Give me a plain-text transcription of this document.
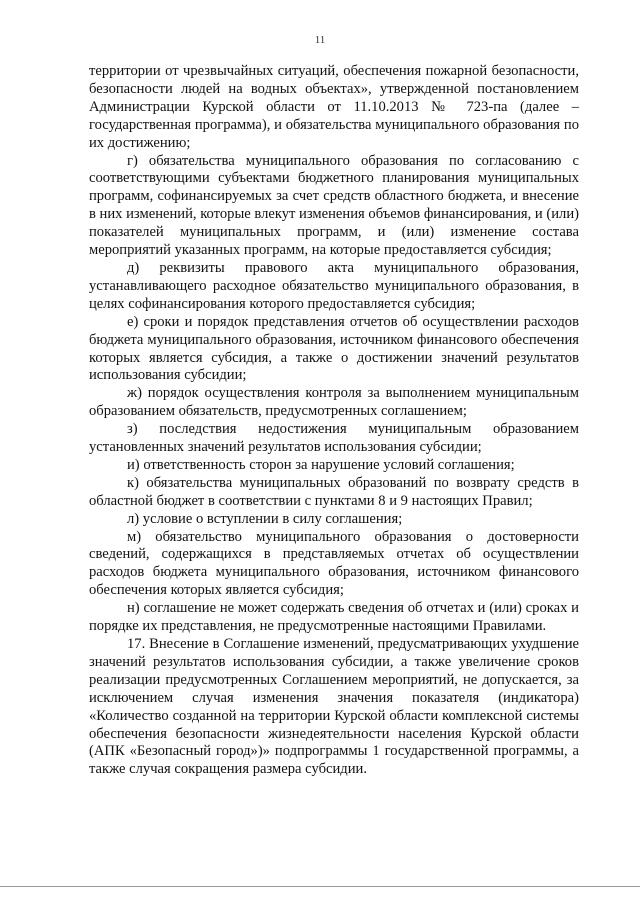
11

территории от чрезвычайных ситуаций, обеспечения пожарной безопасности, безопасности людей на водных объектах», утвержденной постановлением Администрации Курской области от 11.10.2013 № 723-па (далее – государственная программа), и обязательства муниципального образования по их достижению;

г) обязательства муниципального образования по согласованию с соответствующими субъектами бюджетного планирования муниципальных программ, софинансируемых за счет средств областного бюджета, и внесение в них изменений, которые влекут изменения объемов финансирования, и (или) показателей муниципальных программ, и (или) изменение состава мероприятий указанных программ, на которые предоставляется субсидия;

д) реквизиты правового акта муниципального образования, устанавливающего расходное обязательство муниципального образования, в целях софинансирования которого предоставляется субсидия;

е) сроки и порядок представления отчетов об осуществлении расходов бюджета муниципального образования, источником финансового обеспечения которых является субсидия, а также о достижении значений результатов использования субсидии;

ж) порядок осуществления контроля за выполнением муниципальным образованием обязательств, предусмотренных соглашением;

з) последствия недостижения муниципальным образованием установленных значений результатов использования субсидии;

и) ответственность сторон за нарушение условий соглашения;

к) обязательства муниципальных образований по возврату средств в областной бюджет в соответствии с пунктами 8 и 9 настоящих Правил;

л) условие о вступлении в силу соглашения;

м) обязательство муниципального образования о достоверности сведений, содержащихся в представляемых отчетах об осуществлении расходов бюджета муниципального образования, источником финансового обеспечения которых является субсидия;

н) соглашение не может содержать сведения об отчетах и (или) сроках и порядке их представления, не предусмотренные настоящими Правилами.

17. Внесение в Соглашение изменений, предусматривающих ухудшение значений результатов использования субсидии, а также увеличение сроков реализации предусмотренных Соглашением мероприятий, не допускается, за исключением случая изменения значения показателя (индикатора) «Количество созданной на территории Курской области комплексной системы обеспечения безопасности жизнедеятельности населения Курской области (АПК «Безопасный город»)» подпрограммы 1 государственной программы, а также случая сокращения размера субсидии.
